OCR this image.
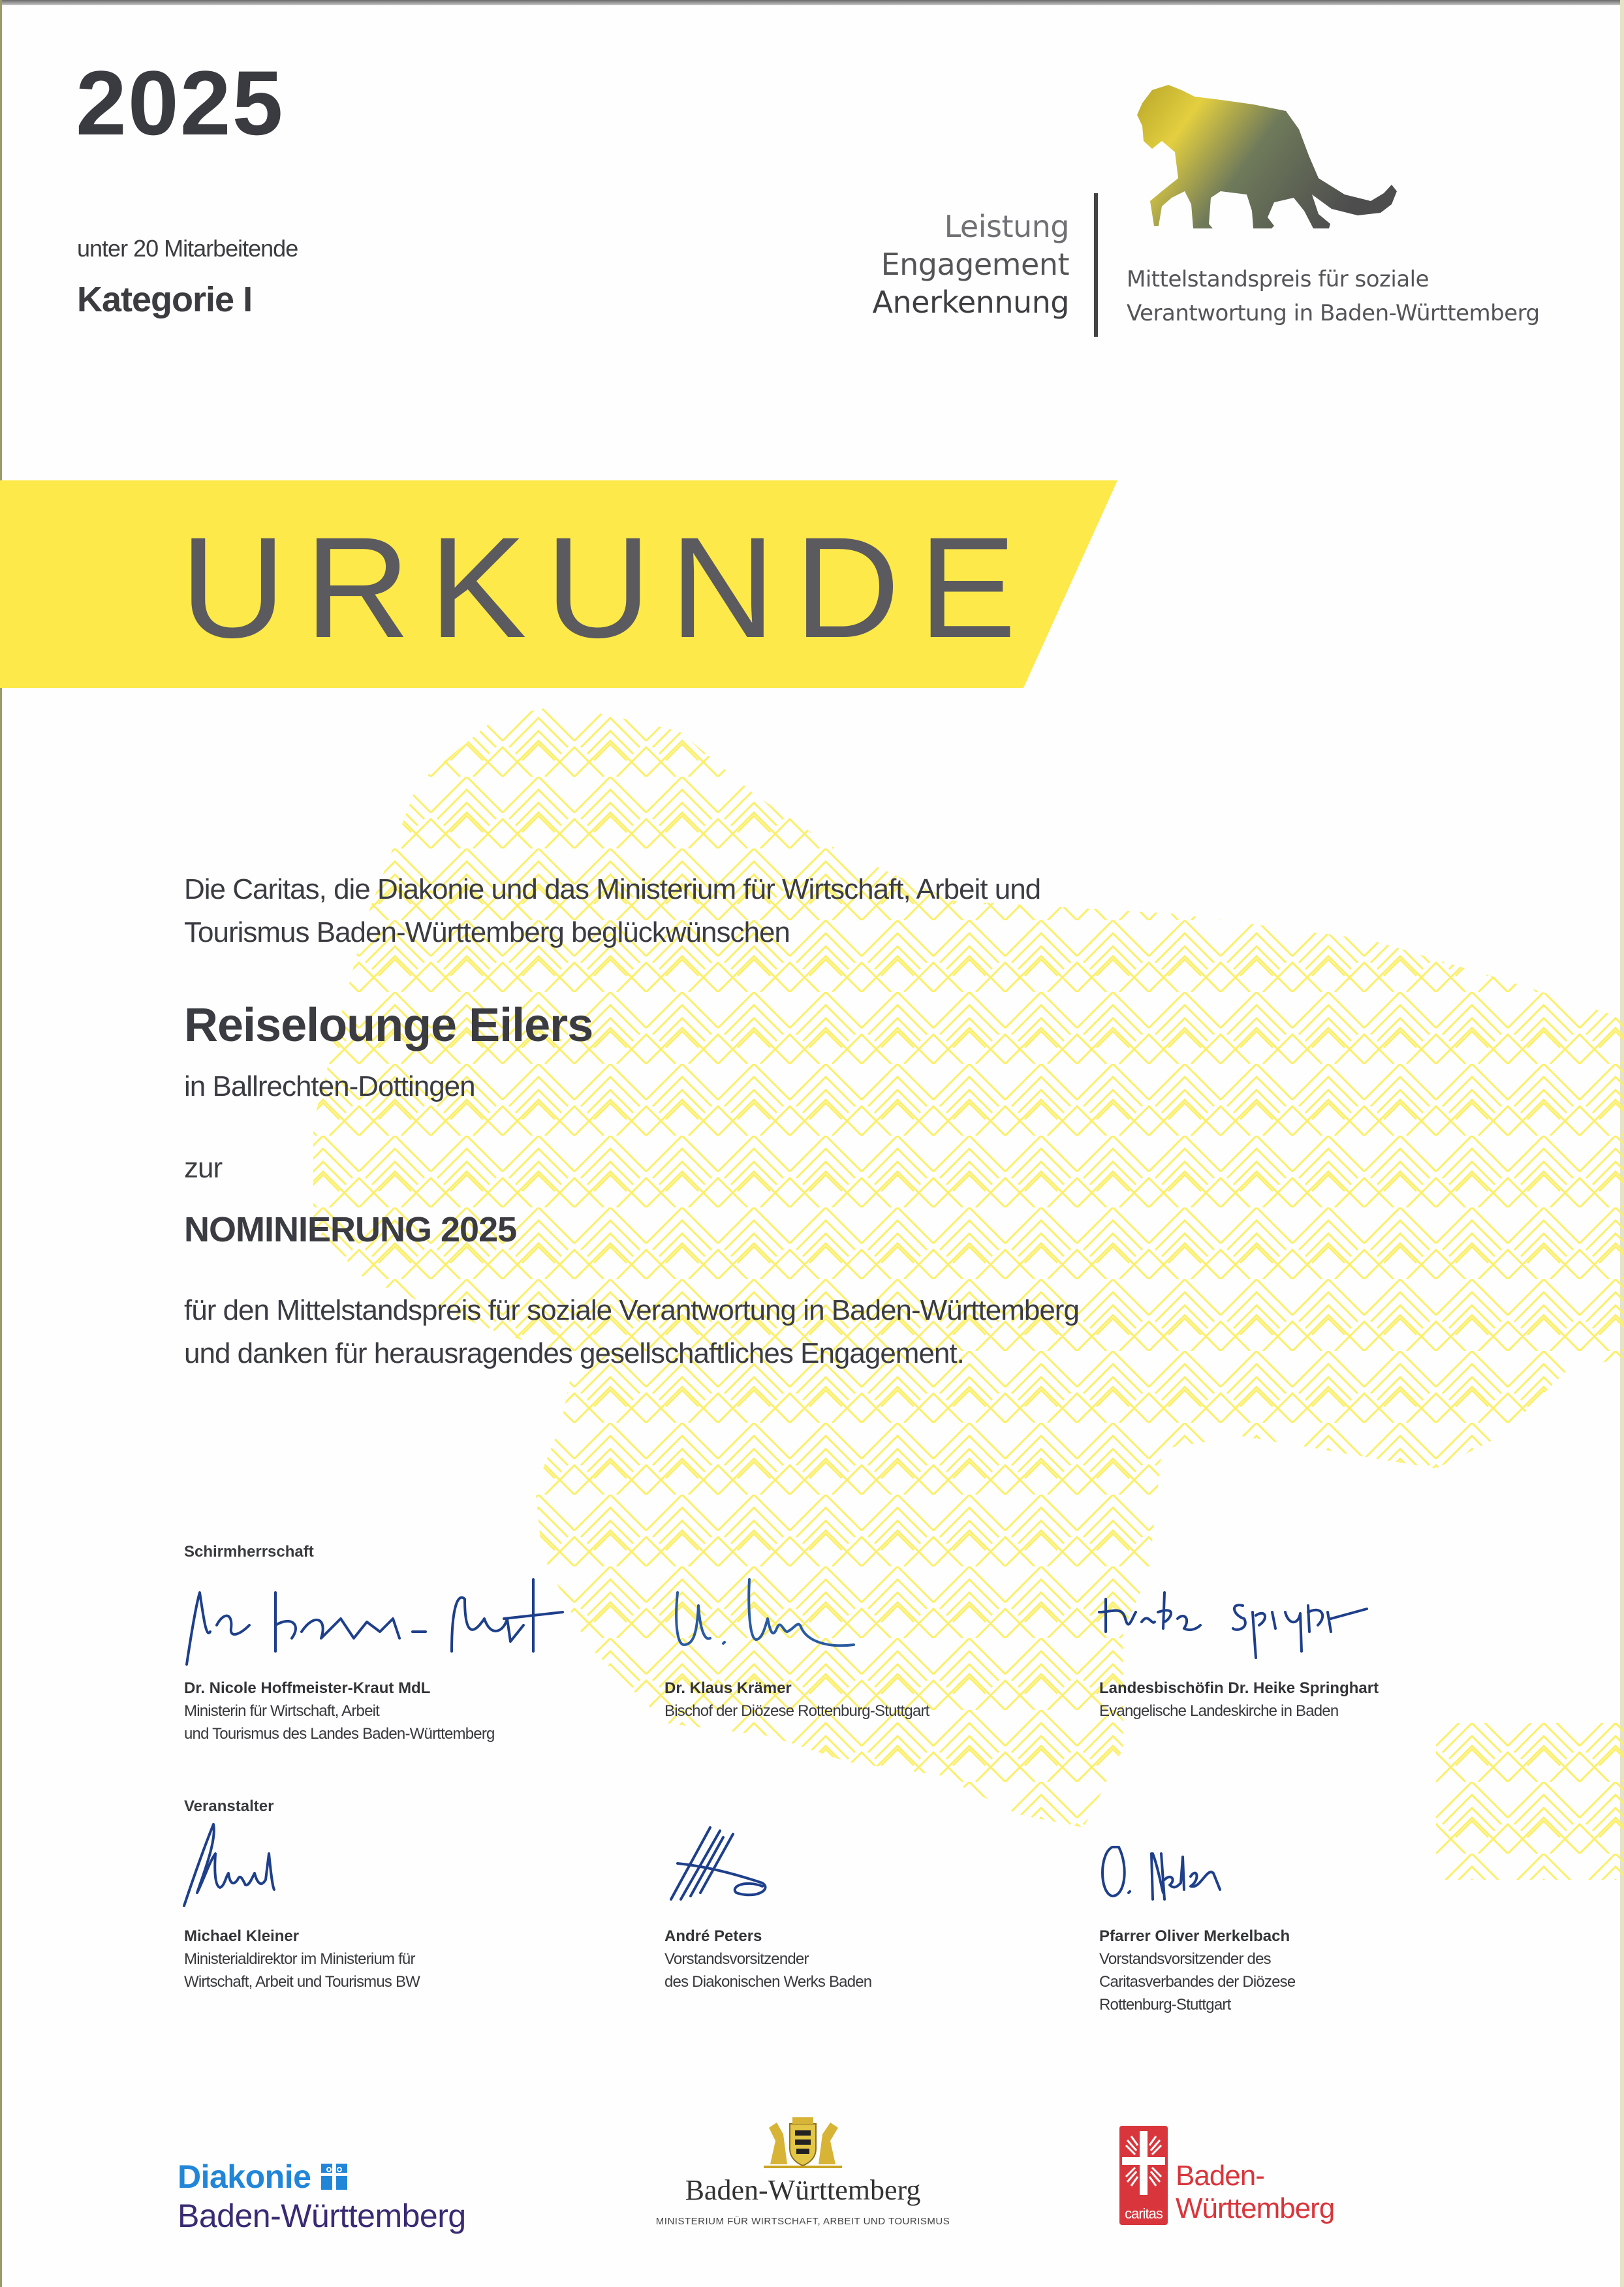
2025
unter 20 Mitarbeitende
Kategorie I
Leistung
Engagement
Anerkennung
Mittelstandspreis für soziale
Verantwortung in Baden-Württemberg
URKUNDE
Die Caritas, die Diakonie und das Ministerium für Wirtschaft, Arbeit und
Tourismus Baden-Württemberg beglückwünschen
Reiselounge Eilers
in Ballrechten-Dottingen
zur
NOMINIERUNG 2025
für den Mittelstandspreis für soziale Verantwortung in Baden-Württemberg
und danken für herausragendes gesellschaftliches Engagement.
Schirmherrschaft
Dr. Nicole Hoffmeister-Kraut MdL
Ministerin für Wirtschaft, Arbeit
und Tourismus des Landes Baden-Württemberg
Dr. Klaus Krämer
Bischof der Diözese Rottenburg-Stuttgart
Landesbischöfin Dr. Heike Springhart
Evangelische Landeskirche in Baden
Veranstalter
Michael Kleiner
Ministerialdirektor im Ministerium für
Wirtschaft, Arbeit und Tourismus BW
André Peters
Vorstandsvorsitzender
des Diakonischen Werks Baden
Pfarrer Oliver Merkelbach
Vorstandsvorsitzender des
Caritasverbandes der Diözese
Rottenburg-Stuttgart
Diakonie
Baden-Württemberg
Baden-Württemberg
MINISTERIUM FÜR WIRTSCHAFT, ARBEIT UND TOURISMUS	caritas
Baden-
Württemberg
